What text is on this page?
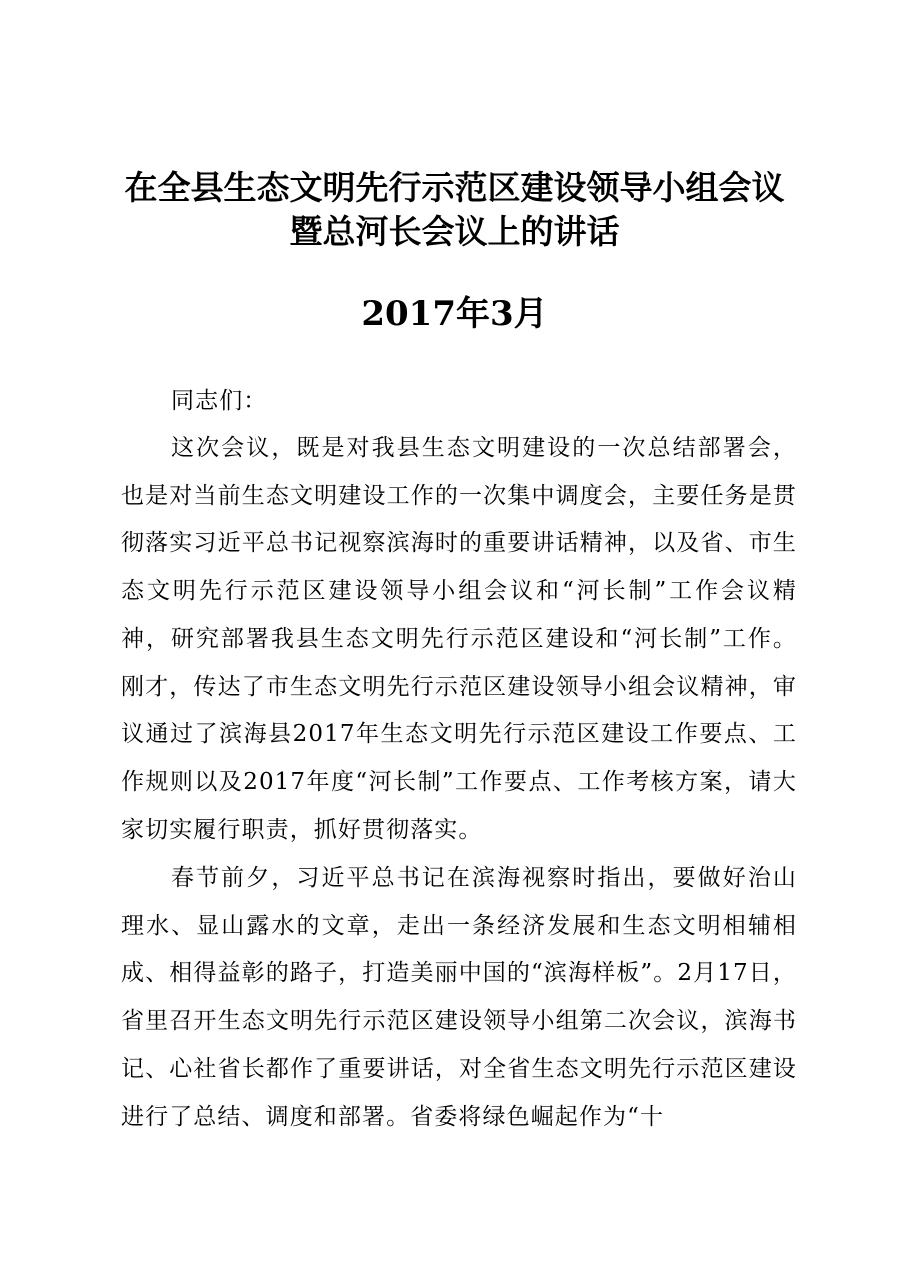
在全县生态文明先行示范区建设领导小组会议
暨总河长会议上的讲话
2017年3月

同志们：

这次会议，既是对我县生态文明建设的一次总结部署会，也是对当前生态文明建设工作的一次集中调度会，主要任务是贯彻落实习近平总书记视察滨海时的重要讲话精神，以及省、市生态文明先行示范区建设领导小组会议和“河长制”工作会议精神，研究部署我县生态文明先行示范区建设和“河长制”工作。刚才，传达了市生态文明先行示范区建设领导小组会议精神，审议通过了滨海县2017年生态文明先行示范区建设工作要点、工作规则以及2017年度“河长制”工作要点、工作考核方案，请大家切实履行职责，抓好贯彻落实。

春节前夕，习近平总书记在滨海视察时指出，要做好治山理水、显山露水的文章，走出一条经济发展和生态文明相辅相成、相得益彰的路子，打造美丽中国的“滨海样板”。2月17日，省里召开生态文明先行示范区建设领导小组第二次会议，滨海书记、心社省长都作了重要讲话，对全省生态文明先行示范区建设进行了总结、调度和部署。省委将绿色崛起作为“十
